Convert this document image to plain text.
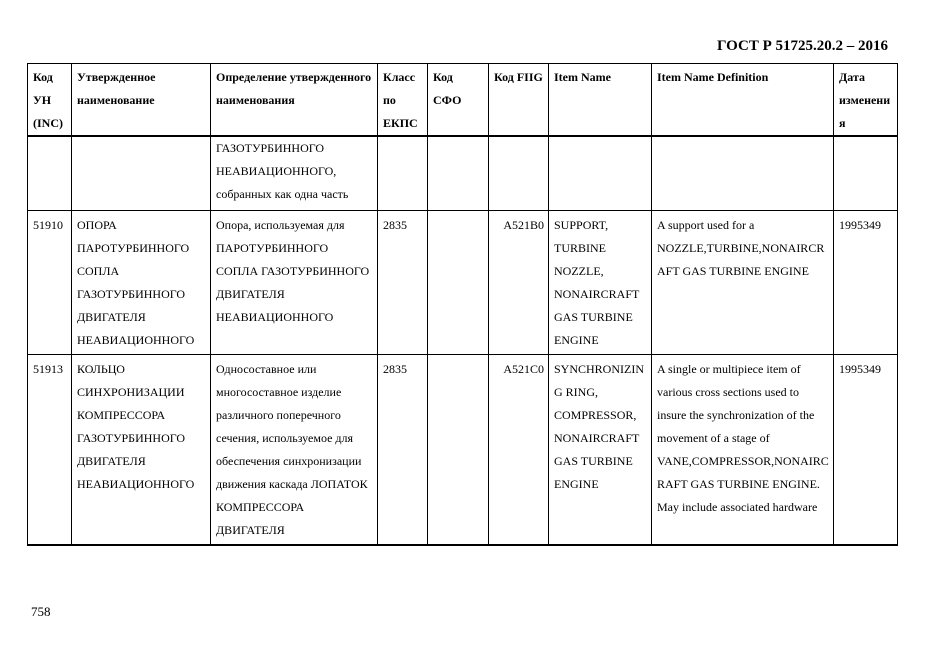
ГОСТ Р 51725.20.2 – 2016
Код УН (INC)	Утвержденное наименование	Определение утвержденного наименования	Класс по ЕКПС	Код СФО	Код FIIG	Item Name	Item Name Definition	Дата изменения
		ГАЗОТУРБИННОГО НЕАВИАЦИОННОГО, собранных как одна часть						
51910	ОПОРА ПАРОТУРБИННОГО СОПЛА ГАЗОТУРБИННОГО ДВИГАТЕЛЯ НЕАВИАЦИОННОГО	Опора, используемая для ПАРОТУРБИННОГО СОПЛА ГАЗОТУРБИННОГО ДВИГАТЕЛЯ НЕАВИАЦИОННОГО	2835		A521B0	SUPPORT, TURBINE NOZZLE, NONAIRCRAFT GAS TURBINE ENGINE	A support used for a NOZZLE,TURBINE,NONAIRCRAFT GAS TURBINE ENGINE	1995349
51913	КОЛЬЦО СИНХРОНИЗАЦИИ КОМПРЕССОРА ГАЗОТУРБИННОГО ДВИГАТЕЛЯ НЕАВИАЦИОННОГО	Односоставное или многосоставное изделие различного поперечного сечения, используемое для обеспечения синхронизации движения каскада ЛОПАТОК КОМПРЕССОРА ДВИГАТЕЛЯ	2835		A521C0	SYNCHRONIZING RING, COMPRESSOR, NONAIRCRAFT GAS TURBINE ENGINE	A single or multipiece item of various cross sections used to insure the synchronization of the movement of a stage of VANE,COMPRESSOR,NONAIRCRAFT GAS TURBINE ENGINE. May include associated hardware	1995349
758
